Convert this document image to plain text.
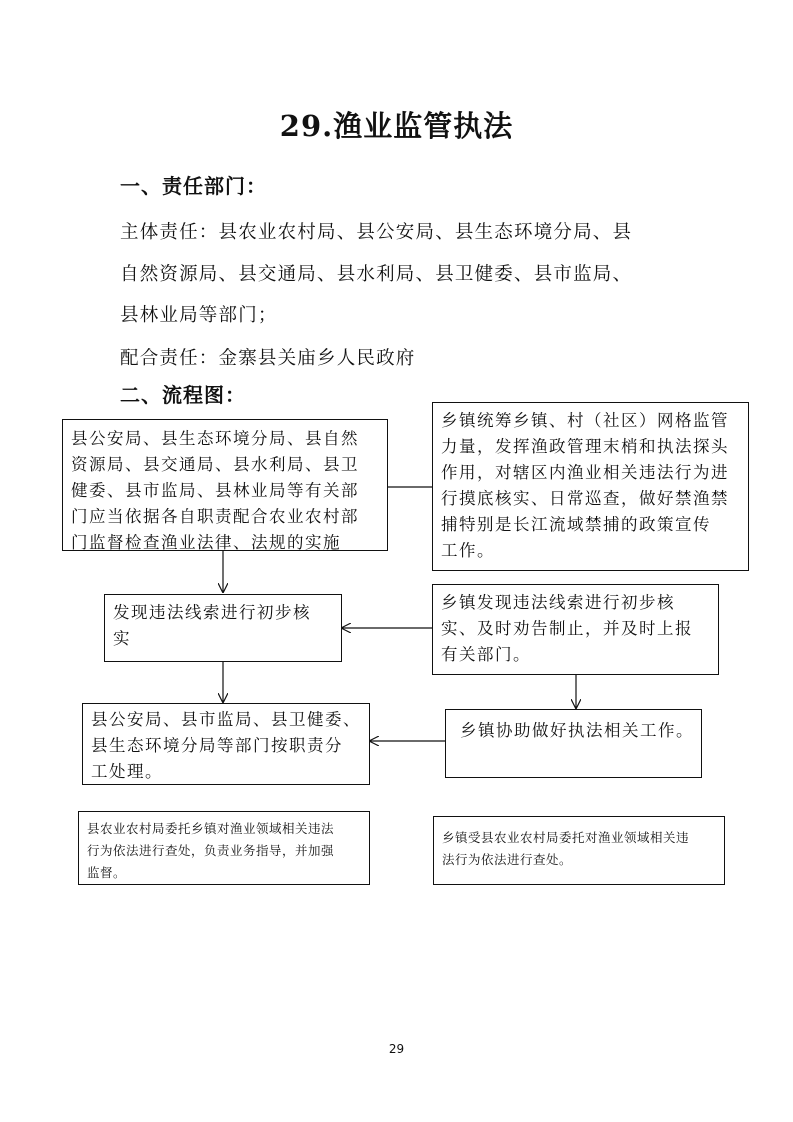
29.渔业监管执法
一、责任部门：
主体责任：县农业农村局、县公安局、县生态环境分局、县
自然资源局、县交通局、县水利局、县卫健委、县市监局、
县林业局等部门；
配合责任：金寨县关庙乡人民政府
二、流程图：
县公安局、县生态环境分局、县自然
资源局、县交通局、县水利局、县卫
健委、县市监局、县林业局等有关部
门应当依据各自职责配合农业农村部
门监督检查渔业法律、法规的实施
乡镇统筹乡镇、村（社区）网格监管
力量，发挥渔政管理末梢和执法探头
作用，对辖区内渔业相关违法行为进
行摸底核实、日常巡查，做好禁渔禁
捕特别是长江流域禁捕的政策宣传
工作。
发现违法线索进行初步核
实
乡镇发现违法线索进行初步核
实、及时劝告制止，并及时上报
有关部门。
县公安局、县市监局、县卫健委、
县生态环境分局等部门按职责分
工处理。
乡镇协助做好执法相关工作。
县农业农村局委托乡镇对渔业领域相关违法
行为依法进行查处，负责业务指导，并加强
监督。
乡镇受县农业农村局委托对渔业领域相关违
法行为依法进行查处。
29
